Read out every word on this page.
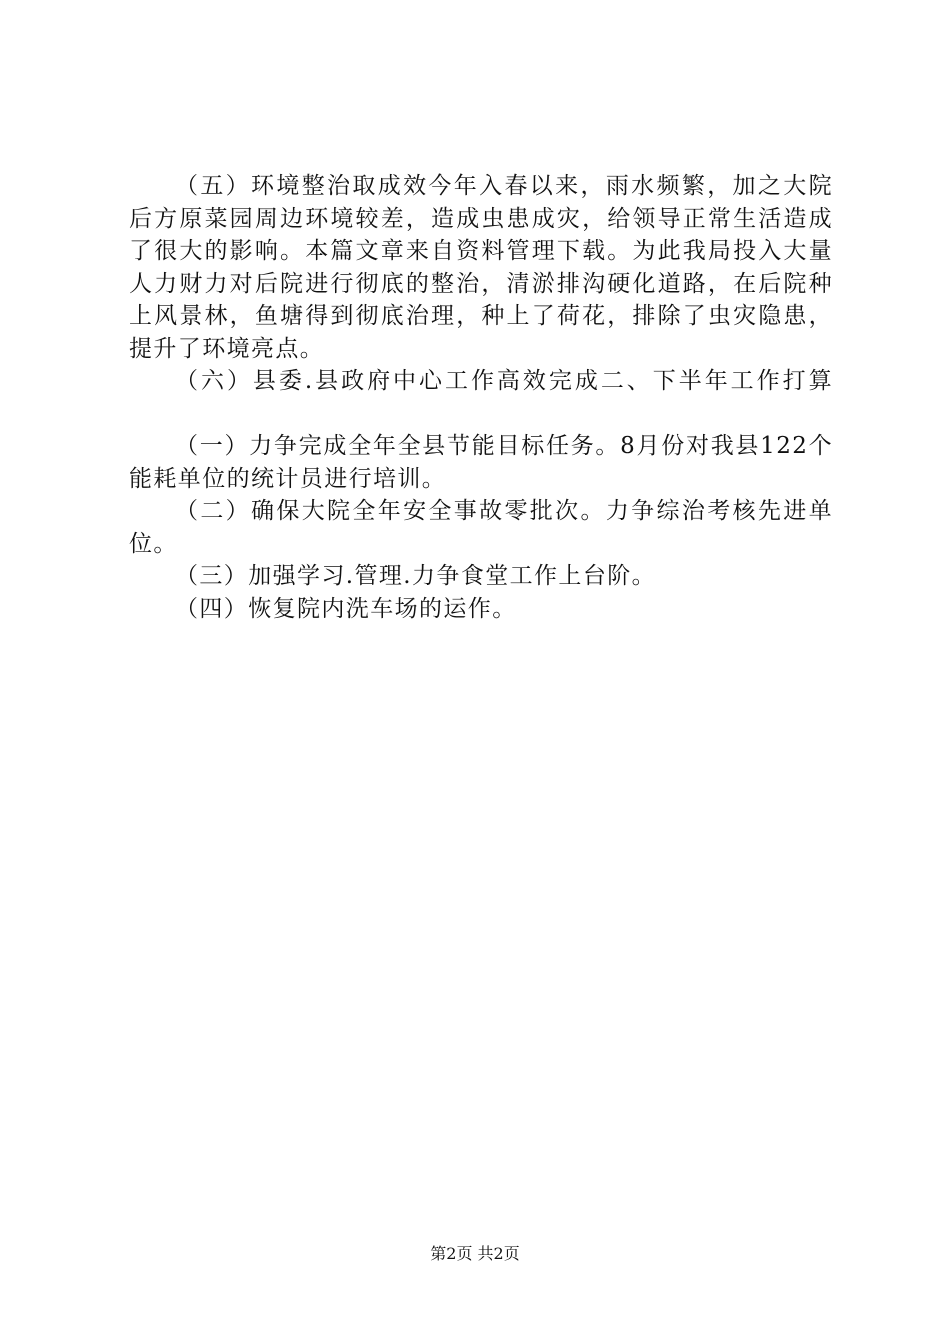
（五）环境整治取成效今年入春以来，雨水频繁，加之大院后方原菜园周边环境较差，造成虫患成灾，给领导正常生活造成了很大的影响。本篇文章来自资料管理下载。为此我局投入大量人力财力对后院进行彻底的整治，清淤排沟硬化道路，在后院种上风景林，鱼塘得到彻底治理，种上了荷花，排除了虫灾隐患，提升了环境亮点。

（六）县委.县政府中心工作高效完成二、下半年工作打算

（一）力争完成全年全县节能目标任务。8月份对我县122个能耗单位的统计员进行培训。

（二）确保大院全年安全事故零批次。力争综治考核先进单位。

（三）加强学习.管理.力争食堂工作上台阶。

（四）恢复院内洗车场的运作。

第2页 共2页
